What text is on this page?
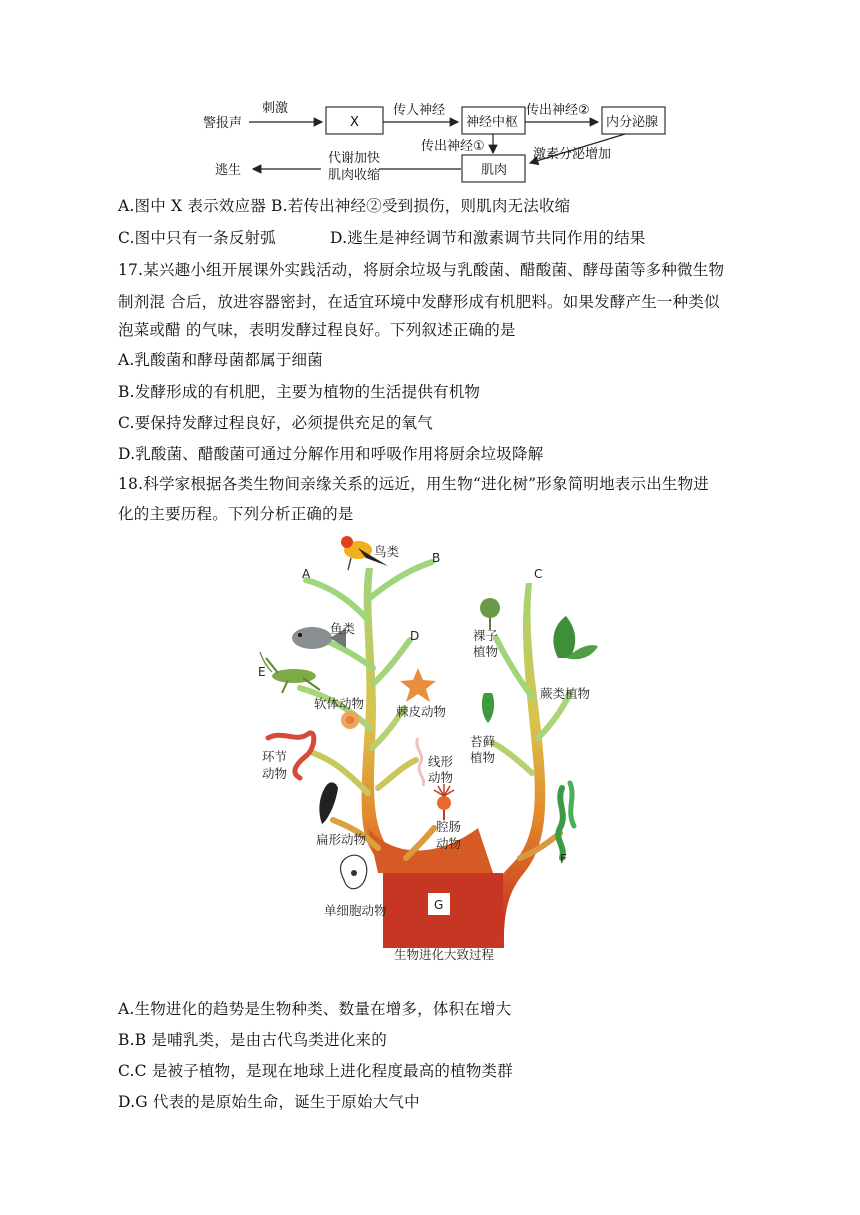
警报声
刺激
X
传人神经
神经中枢
传出神经②
内分泌腺
传出神经①
激素分泌增加
肌肉
代谢加快
肌肉收缩
逃生
A.图中 X 表示效应器 B.若传出神经②受到损伤，则肌肉无法收缩
C.图中只有一条反射弧	D.逃生是神经调节和激素调节共同作用的结果
17.某兴趣小组开展课外实践活动，将厨余垃圾与乳酸菌、醋酸菌、酵母菌等多种微生物
制剂混 合后，放进容器密封，在适宜环境中发酵形成有机肥料。如果发酵产生一种类似
泡菜或醋 的气味，表明发酵过程良好。下列叙述正确的是
A.乳酸菌和酵母菌都属于细菌
B.发酵形成的有机肥，主要为植物的生活提供有机物
C.要保持发酵过程良好，必须提供充足的氧气
D.乳酸菌、醋酸菌可通过分解作用和呼吸作用将厨余垃圾降解
18.科学家根据各类生物间亲缘关系的远近，用生物“进化树”形象简明地表示出生物进
化的主要历程。下列分析正确的是
鸟类
鱼类
软体动物
棘皮动物
环节
动物
线形
动物
扁形动物
腔肠
动物
单细胞动物
裸子
植物
蕨类植物
苔藓
植物
A
B
C
D
E
F
G
生物进化大致过程
A.生物进化的趋势是生物种类、数量在增多，体积在增大
B.B 是哺乳类，是由古代鸟类进化来的
C.C 是被子植物，是现在地球上进化程度最高的植物类群
D.G 代表的是原始生命，诞生于原始大气中
